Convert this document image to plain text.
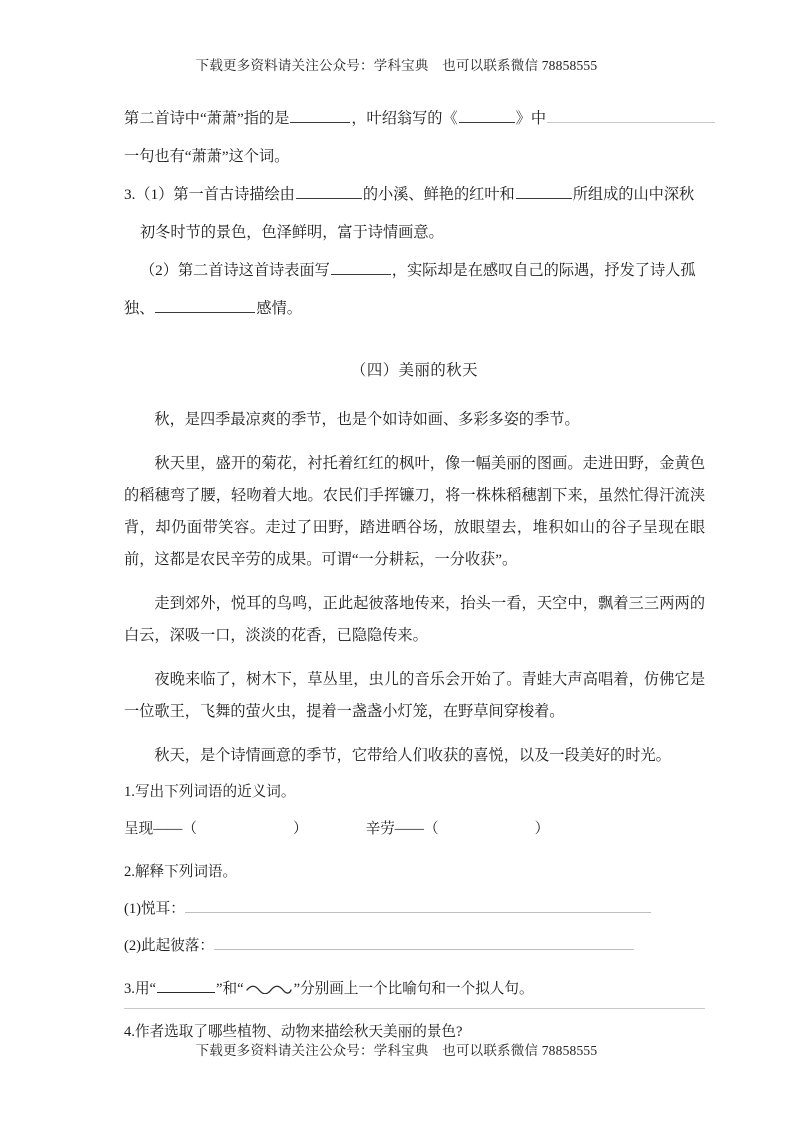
下载更多资料请关注公众号：学科宝典　也可以联系微信 78858555
第二首诗中“萧萧”指的是	，叶绍翁写的《	》中
一句也有“萧萧”这个词。
3.（1）第一首古诗描绘由	的小溪、鲜艳的红叶和	所组成的山中深秋
初冬时节的景色，色泽鲜明，富于诗情画意。
（2）第二首诗这首诗表面写	，实际却是在感叹自己的际遇，抒发了诗人孤
独、	感情。
（四）美丽的秋天
秋，是四季最凉爽的季节，也是个如诗如画、多彩多姿的季节。
秋天里，盛开的菊花，衬托着红红的枫叶，像一幅美丽的图画。走进田野，金黄色的稻穗弯了腰，轻吻着大地。农民们手挥镰刀，将一株株稻穗割下来，虽然忙得汗流浃背，却仍面带笑容。走过了田野，踏进晒谷场，放眼望去，堆积如山的谷子呈现在眼前，这都是农民辛劳的成果。可谓“一分耕耘，一分收获”。
走到郊外，悦耳的鸟鸣，正此起彼落地传来，抬头一看，天空中，飘着三三两两的白云，深吸一口，淡淡的花香，已隐隐传来。
夜晚来临了，树木下，草丛里，虫儿的音乐会开始了。青蛙大声高唱着，仿佛它是一位歌王，飞舞的萤火虫，提着一盏盏小灯笼，在野草间穿梭着。
秋天，是个诗情画意的季节，它带给人们收获的喜悦，以及一段美好的时光。
1.写出下列词语的近义词。
呈现——（	）	辛劳——（	）
2.解释下列词语。
(1)悦耳：
(2)此起彼落：
3.用“	”和“	”分别画上一个比喻句和一个拟人句。
4.作者选取了哪些植物、动物来描绘秋天美丽的景色?
下载更多资料请关注公众号：学科宝典　也可以联系微信 78858555
